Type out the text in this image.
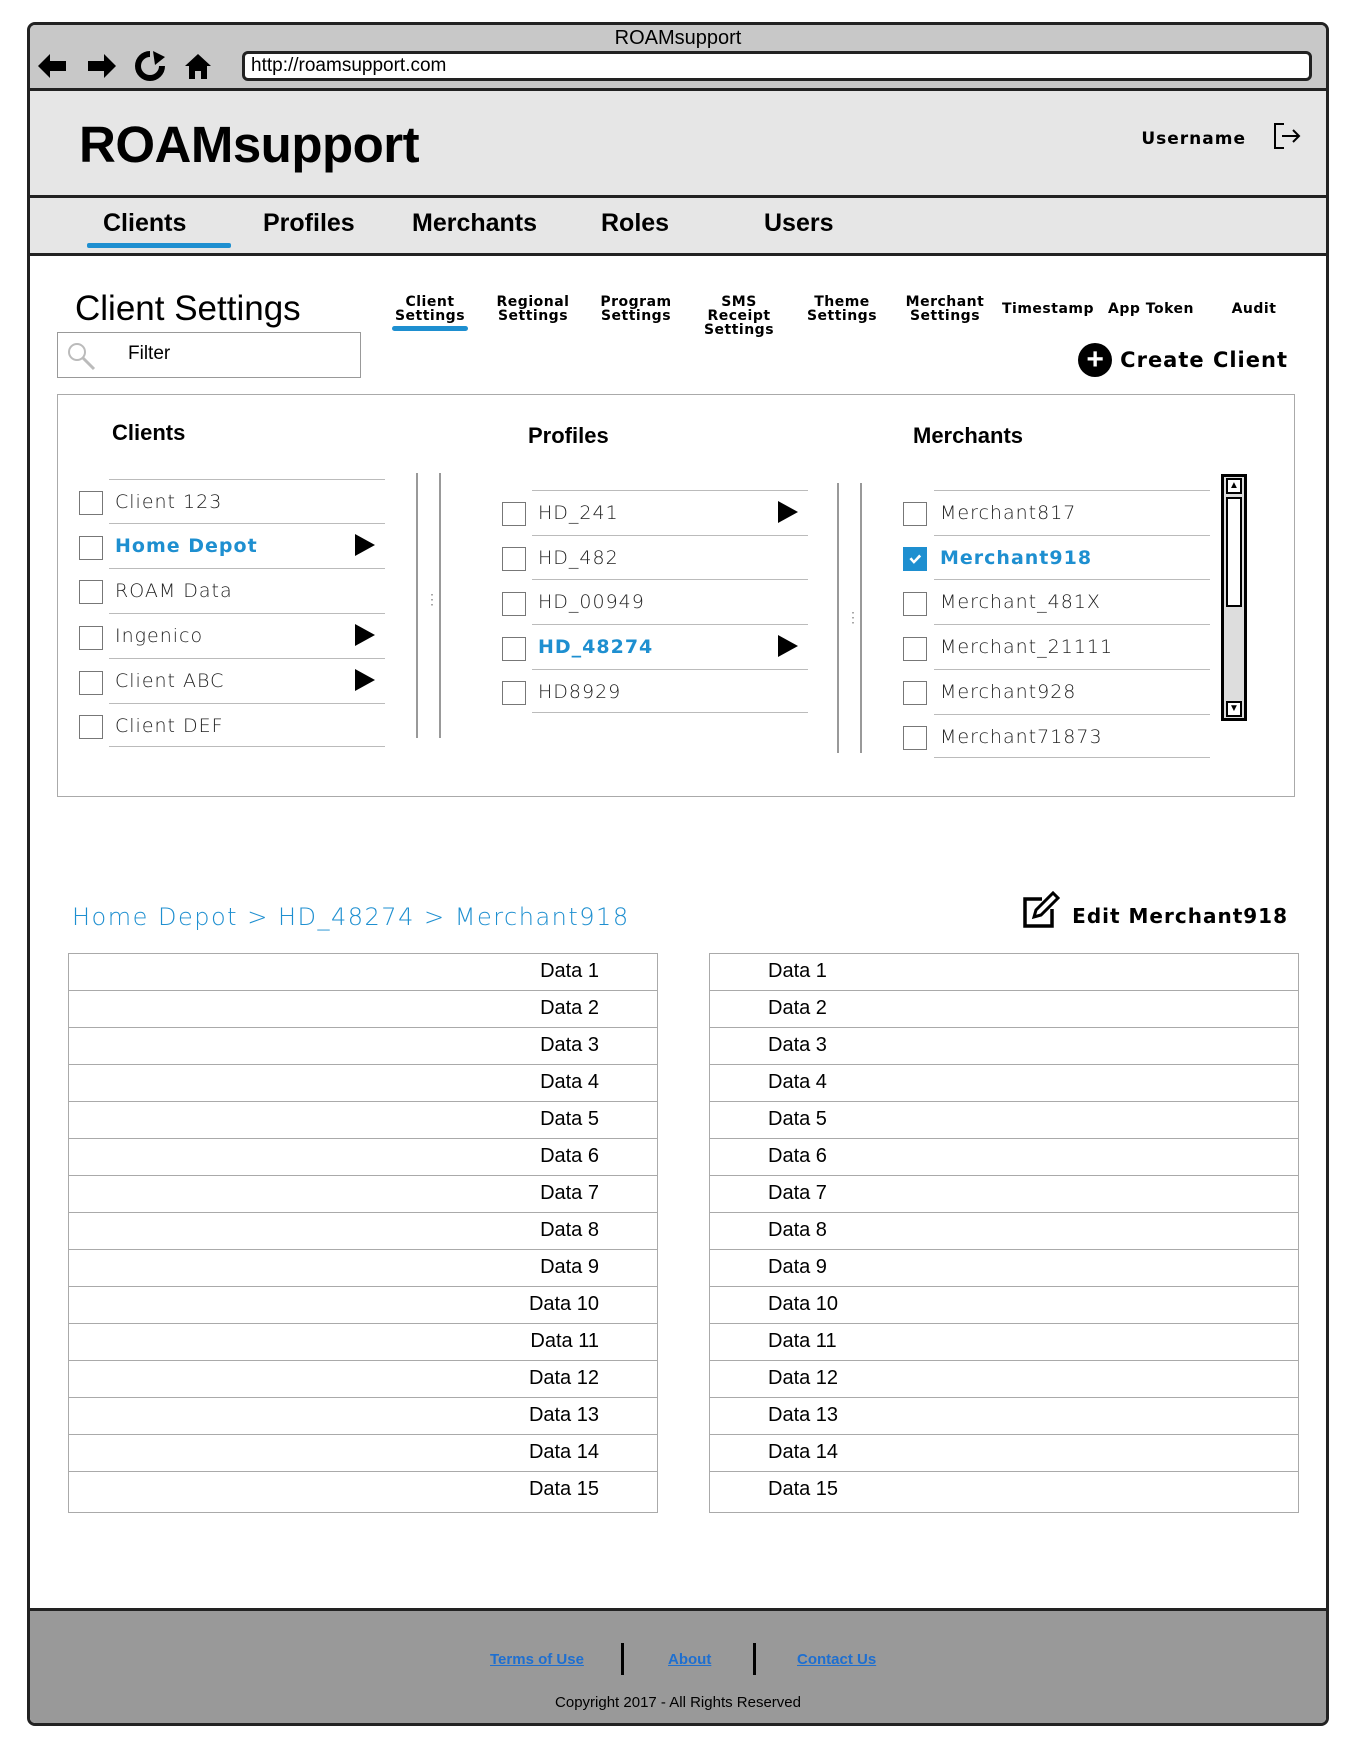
ROAMsupport
http://roamsupport.com
ROAMsupport	Username
Clients	Profiles Merchants	Roles	Users
Client Settings	Client
Settings
Regional
Settings
Program
Settings
SMS Receipt
Settings
Theme
Settings
Merchant
Settings	Timestamp	App Token	Audit
Filter	+ Create Client
Clients	Profiles	Merchants
Client 123
Home Depot
ROAM Data
Ingenico
Client ABC
Client DEF
⋮
HD_241
HD_482
HD_00949
HD_48274
HD8929
⋮
Merchant817
Merchant918
Merchant_481X
Merchant_21111
Merchant928
Merchant71873
▲
▼
Home Depot > HD_48274 > Merchant918	Edit Merchant918
Data 1
Data 2
Data 3
Data 4
Data 5
Data 6
Data 7
Data 8
Data 9
Data 10
Data 11
Data 12
Data 13
Data 14
Data 15
Data 1
Data 2
Data 3
Data 4
Data 5
Data 6
Data 7
Data 8
Data 9
Data 10
Data 11
Data 12
Data 13
Data 14
Data 15
Terms of Use	About	Contact Us
Copyright 2017 - All Rights Reserved
